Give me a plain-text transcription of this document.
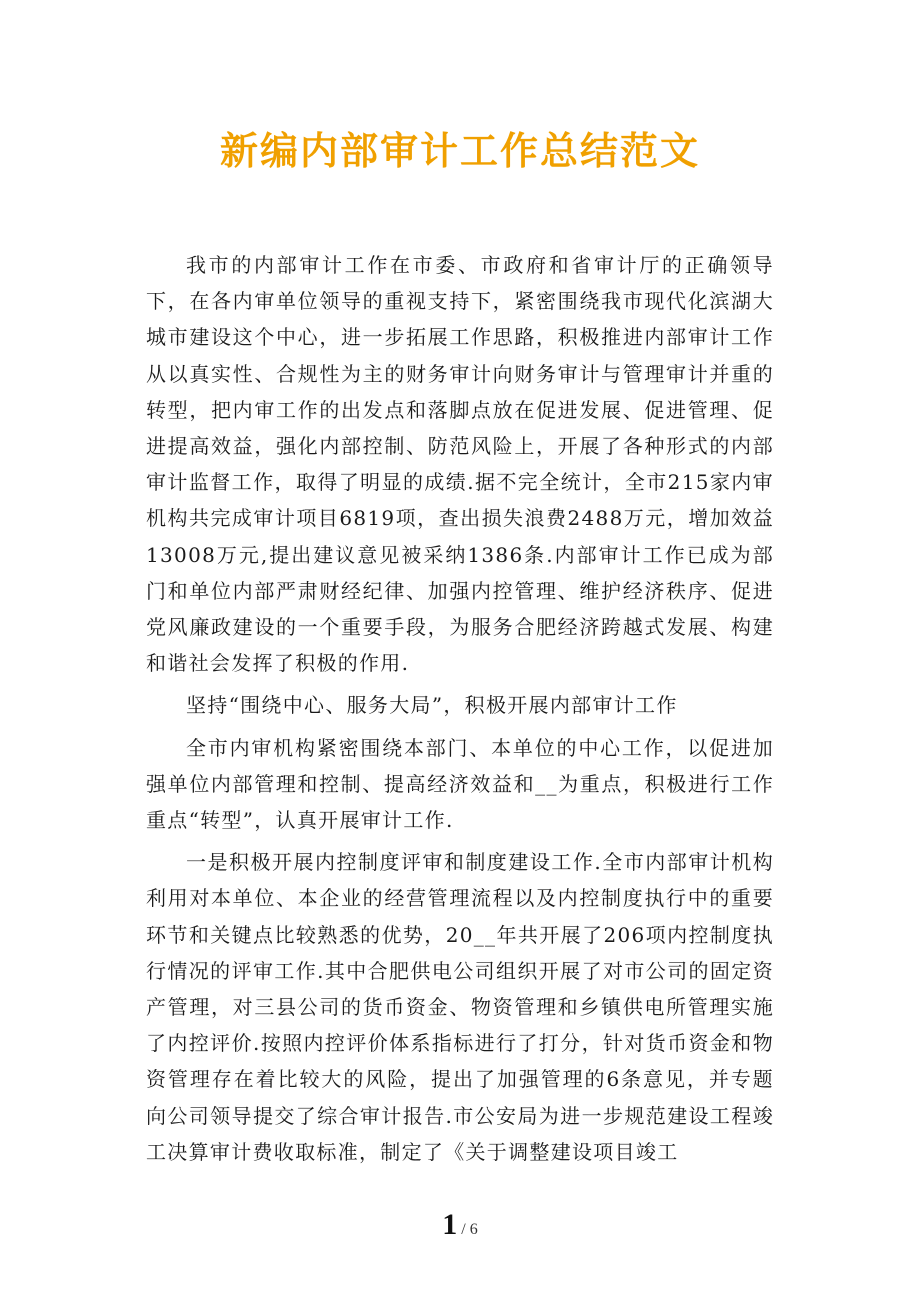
新编内部审计工作总结范文

我市的内部审计工作在市委、市政府和省审计厅的正确领导下，在各内审单位领导的重视支持下，紧密围绕我市现代化滨湖大城市建设这个中心，进一步拓展工作思路，积极推进内部审计工作从以真实性、合规性为主的财务审计向财务审计与管理审计并重的转型，把内审工作的出发点和落脚点放在促进发展、促进管理、促进提高效益，强化内部控制、防范风险上，开展了各种形式的内部审计监督工作，取得了明显的成绩.据不完全统计，全市215家内审机构共完成审计项目6819项，查出损失浪费2488万元，增加效益13008万元,提出建议意见被采纳1386条.内部审计工作已成为部门和单位内部严肃财经纪律、加强内控管理、维护经济秩序、促进党风廉政建设的一个重要手段，为服务合肥经济跨越式发展、构建和谐社会发挥了积极的作用.

坚持“围绕中心、服务大局”，积极开展内部审计工作

全市内审机构紧密围绕本部门、本单位的中心工作，以促进加强单位内部管理和控制、提高经济效益和__为重点，积极进行工作重点“转型”，认真开展审计工作.

一是积极开展内控制度评审和制度建设工作.全市内部审计机构利用对本单位、本企业的经营管理流程以及内控制度执行中的重要环节和关键点比较熟悉的优势，20__年共开展了206项内控制度执行情况的评审工作.其中合肥供电公司组织开展了对市公司的固定资产管理，对三县公司的货币资金、物资管理和乡镇供电所管理实施了内控评价.按照内控评价体系指标进行了打分，针对货币资金和物资管理存在着比较大的风险，提出了加强管理的6条意见，并专题向公司领导提交了综合审计报告.市公安局为进一步规范建设工程竣工决算审计费收取标准，制定了《关于调整建设项目竣工

1 / 6
